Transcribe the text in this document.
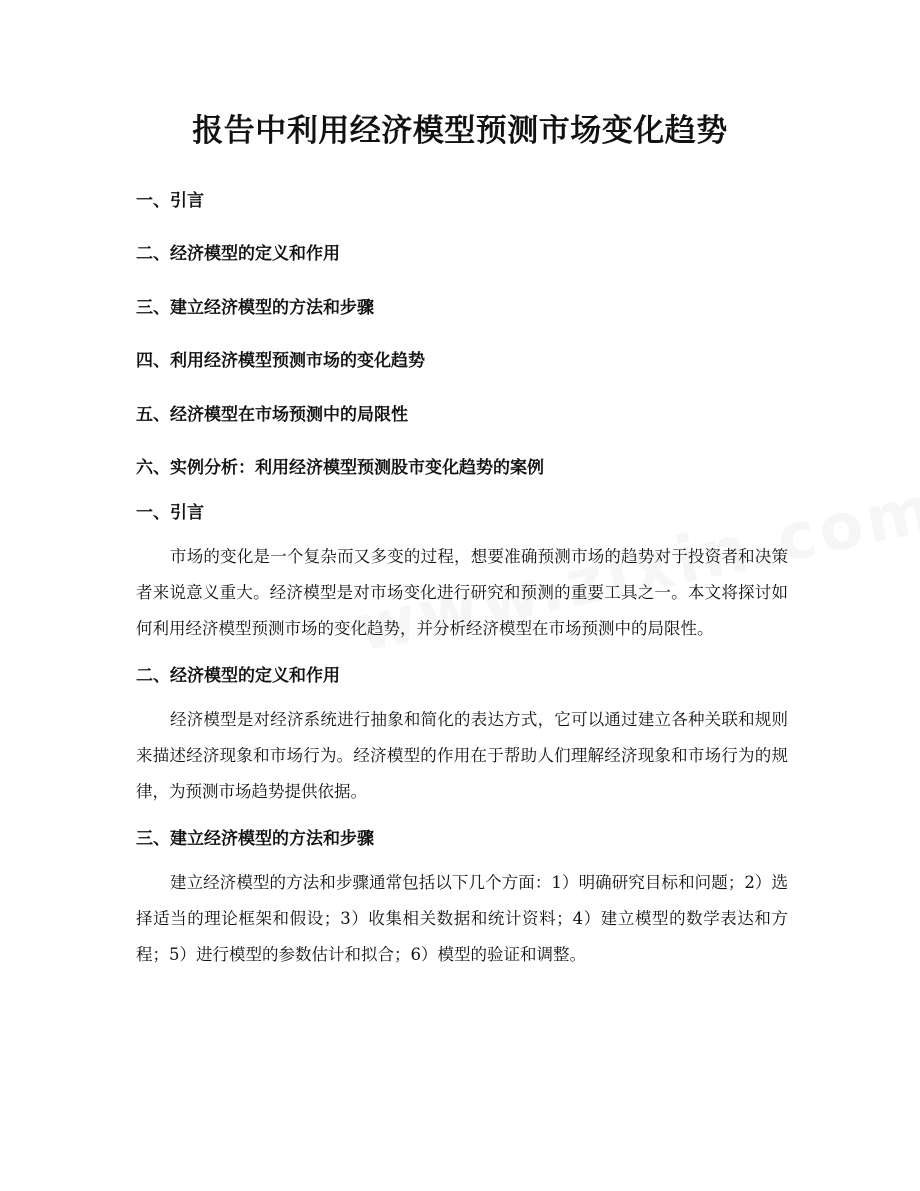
报告中利用经济模型预测市场变化趋势
一、引言
二、经济模型的定义和作用
三、建立经济模型的方法和步骤
四、利用经济模型预测市场的变化趋势
五、经济模型在市场预测中的局限性
六、实例分析：利用经济模型预测股市变化趋势的案例
一、引言

市场的变化是一个复杂而又多变的过程，想要准确预测市场的趋势对于投资者和决策者来说意义重大。经济模型是对市场变化进行研究和预测的重要工具之一。本文将探讨如何利用经济模型预测市场的变化趋势，并分析经济模型在市场预测中的局限性。

二、经济模型的定义和作用

经济模型是对经济系统进行抽象和简化的表达方式，它可以通过建立各种关联和规则来描述经济现象和市场行为。经济模型的作用在于帮助人们理解经济现象和市场行为的规律，为预测市场趋势提供依据。

三、建立经济模型的方法和步骤

建立经济模型的方法和步骤通常包括以下几个方面：1）明确研究目标和问题；2）选择适当的理论框架和假设；3）收集相关数据和统计资料；4）建立模型的数学表达和方程；5）进行模型的参数估计和拟合；6）模型的验证和调整。
